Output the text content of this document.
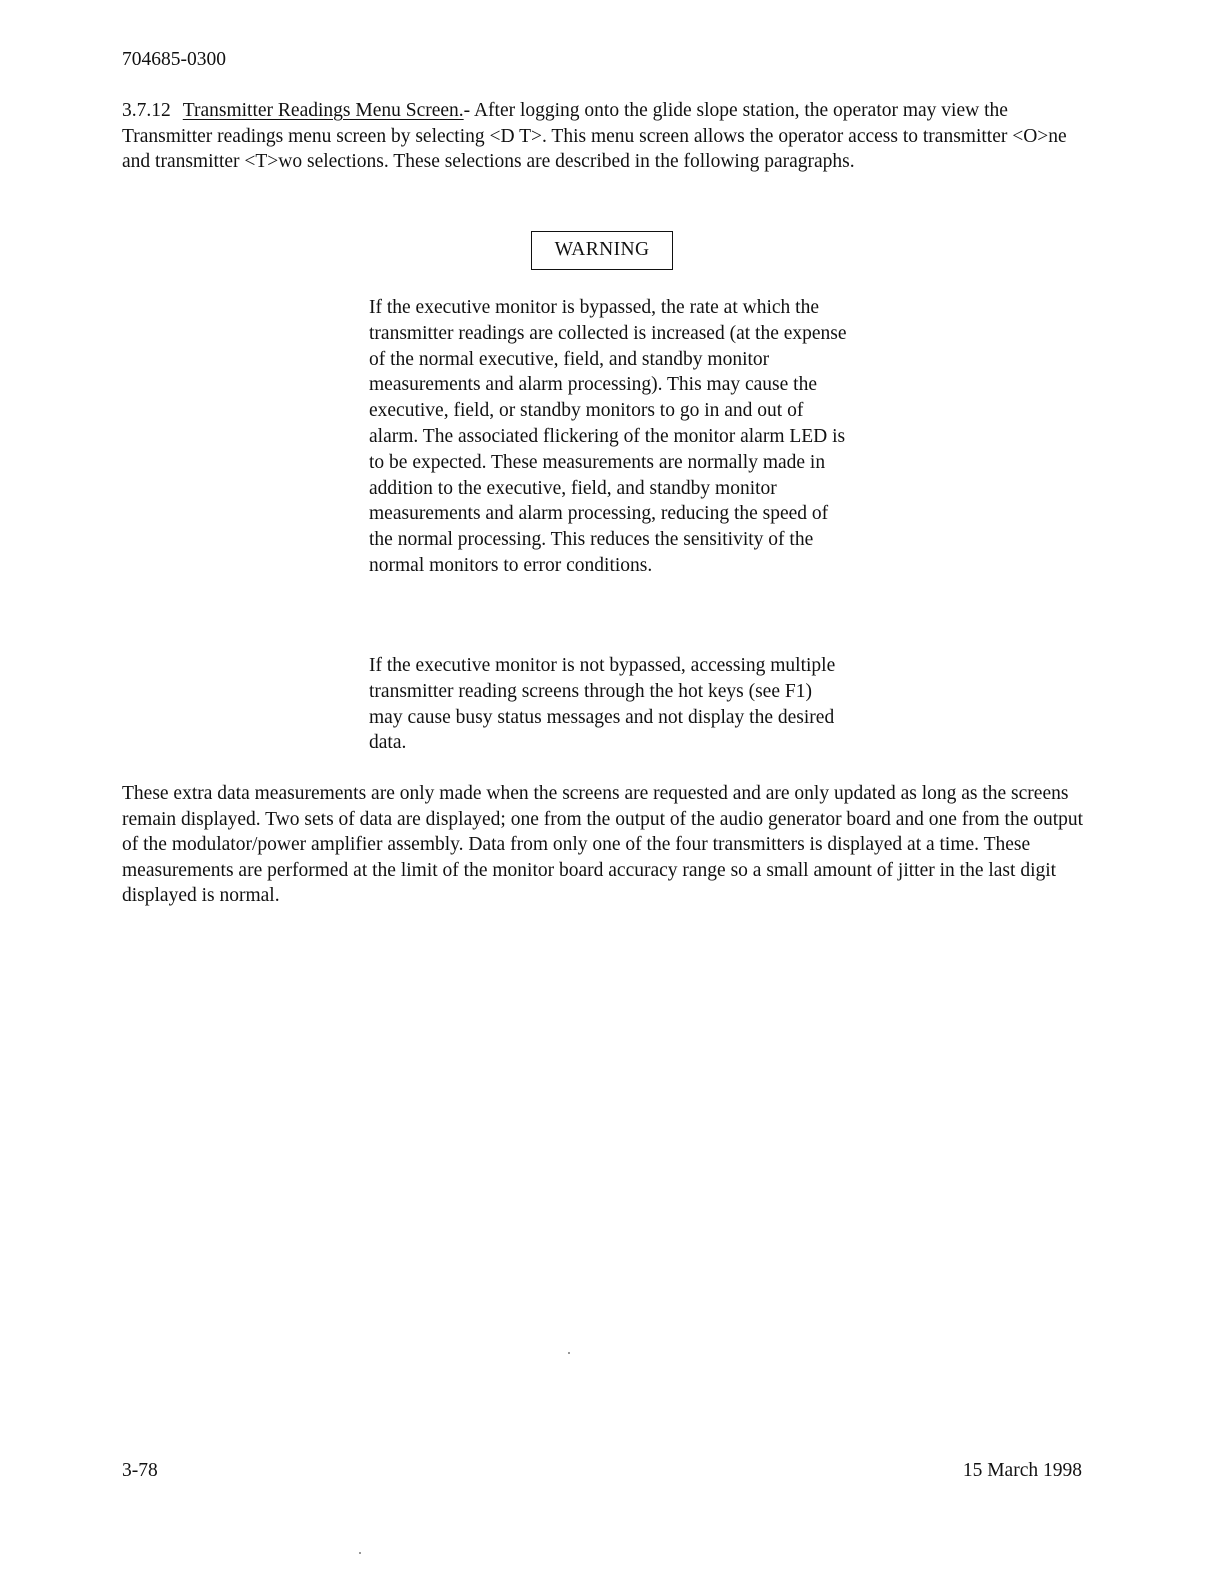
704685-0300

3.7.12 Transmitter Readings Menu Screen.- After logging onto the glide slope station, the operator may view the Transmitter readings menu screen by selecting <D T>. This menu screen allows the operator access to transmitter <O>ne and transmitter <T>wo selections. These selections are described in the following paragraphs.

WARNING

If the executive monitor is bypassed, the rate at which the transmitter readings are collected is increased (at the expense of the normal executive, field, and standby monitor measurements and alarm processing). This may cause the executive, field, or standby monitors to go in and out of alarm. The associated flickering of the monitor alarm LED is to be expected. These measurements are normally made in addition to the executive, field, and standby monitor measurements and alarm processing, reducing the speed of the normal processing. This reduces the sensitivity of the normal monitors to error conditions.

If the executive monitor is not bypassed, accessing multiple transmitter reading screens through the hot keys (see F1) may cause busy status messages and not display the desired data.

These extra data measurements are only made when the screens are requested and are only updated as long as the screens remain displayed. Two sets of data are displayed; one from the output of the audio generator board and one from the output of the modulator/power amplifier assembly. Data from only one of the four transmitters is displayed at a time. These measurements are performed at the limit of the monitor board accuracy range so a small amount of jitter in the last digit displayed is normal.

3-78	15 March 1998
